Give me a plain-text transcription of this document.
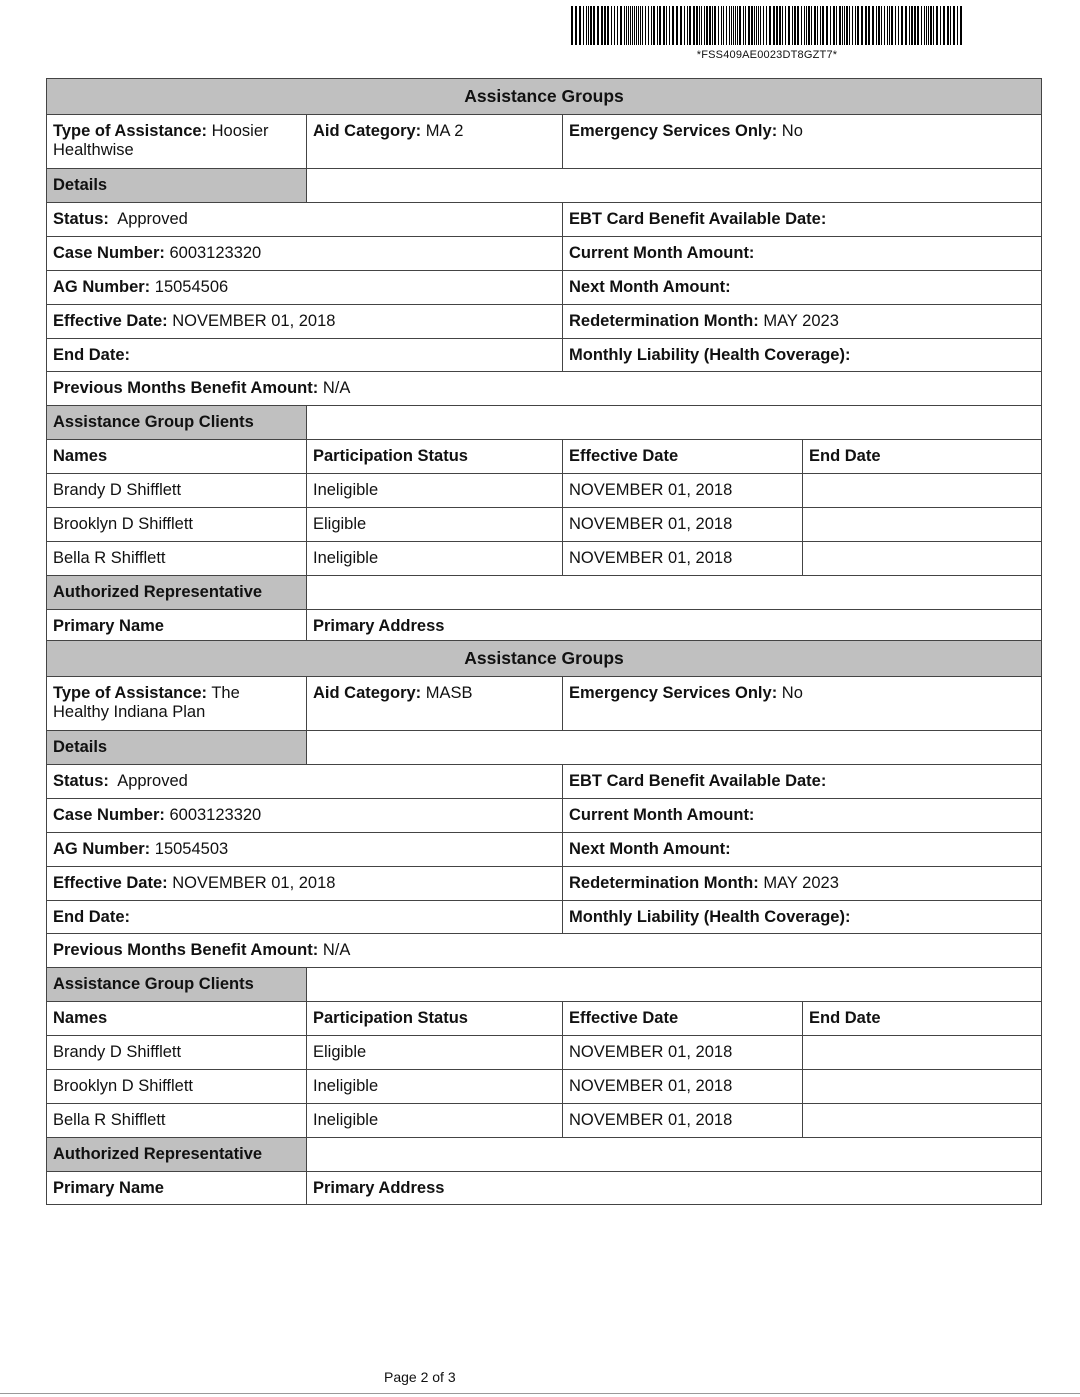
*FSS409AE0023DT8GZT7*
Assistance Groups
Type of Assistance: Hoosier Healthwise
Aid Category: MA 2	Emergency Services Only: No
Details
Status: Approved	EBT Card Benefit Available Date:
Case Number: 6003123320	Current Month Amount:
AG Number: 15054506	Next Month Amount:
Effective Date: NOVEMBER 01, 2018	Redetermination Month: MAY 2023
End Date:	Monthly Liability (Health Coverage):
Previous Months Benefit Amount: N/A
Assistance Group Clients
Names	Participation Status	Effective Date	End Date
Brandy D Shifflett	Ineligible	NOVEMBER 01, 2018
Brooklyn D Shifflett	Eligible	NOVEMBER 01, 2018
Bella R Shifflett	Ineligible	NOVEMBER 01, 2018
Authorized Representative
Primary Name	Primary Address
Assistance Groups
Type of Assistance: The Healthy Indiana Plan
Aid Category: MASB	Emergency Services Only: No
Details
Status: Approved	EBT Card Benefit Available Date:
Case Number: 6003123320	Current Month Amount:
AG Number: 15054503	Next Month Amount:
Effective Date: NOVEMBER 01, 2018	Redetermination Month: MAY 2023
End Date:	Monthly Liability (Health Coverage):
Previous Months Benefit Amount: N/A
Assistance Group Clients
Names	Participation Status	Effective Date	End Date
Brandy D Shifflett	Eligible	NOVEMBER 01, 2018
Brooklyn D Shifflett	Ineligible	NOVEMBER 01, 2018
Bella R Shifflett	Ineligible	NOVEMBER 01, 2018
Authorized Representative
Primary Name	Primary Address
Page 2 of 3
